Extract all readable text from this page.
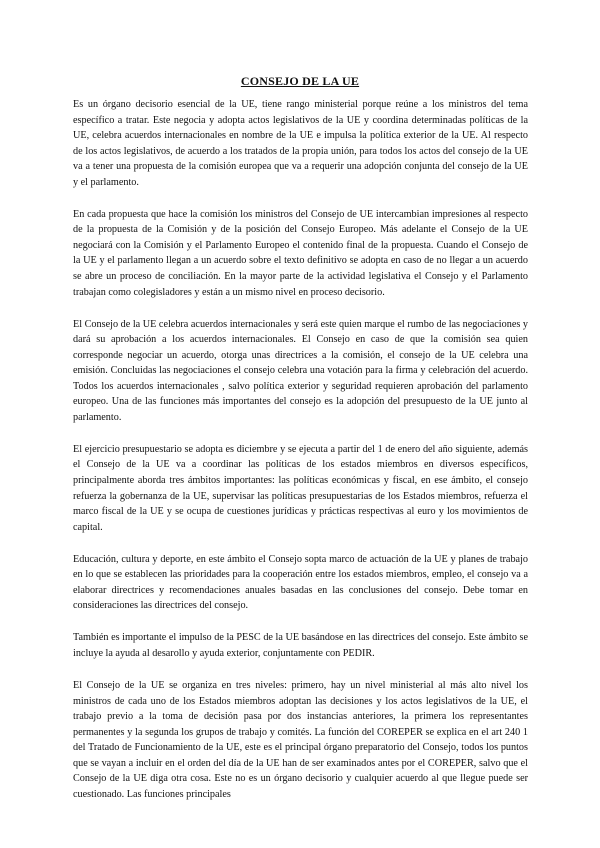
CONSEJO DE LA UE

Es un órgano decisorio esencial de la UE, tiene rango ministerial porque reúne a los ministros del tema específico a tratar. Este negocia y adopta actos legislativos de la UE y coordina determinadas políticas de la UE, celebra acuerdos internacionales en nombre de la UE e impulsa la política exterior de la UE. Al respecto de los actos legislativos, de acuerdo a los tratados de la propia unión, para todos los actos del consejo de la UE va a tener una propuesta de la comisión europea que va a requerir una adopción conjunta del consejo de la UE y el parlamento.

En cada propuesta que hace la comisión los ministros del Consejo de UE intercambian impresiones al respecto de la propuesta de la Comisión y de la posición del Consejo Europeo. Más adelante el Consejo de la UE negociará con la Comisión y el Parlamento Europeo el contenido final de la propuesta. Cuando el Consejo de la UE y el parlamento llegan a un acuerdo sobre el texto definitivo se adopta en caso de no llegar a un acuerdo se abre un proceso de conciliación. En la mayor parte de la actividad legislativa el Consejo y el Parlamento trabajan como colegisladores y están a un mismo nivel en proceso decisorio.

El Consejo de la UE celebra acuerdos internacionales y será este quien marque el rumbo de las negociaciones y dará su aprobación a los acuerdos internacionales. El Consejo en caso de que la comisión sea quien corresponde negociar un acuerdo, otorga unas directrices a la comisión, el consejo de la UE celebra una emisión. Concluidas las negociaciones el consejo celebra una votación para la firma y celebración del acuerdo. Todos los acuerdos internacionales , salvo política exterior y seguridad requieren aprobación del parlamento europeo. Una de las funciones más importantes del consejo es la adopción del presupuesto de la UE junto al parlamento.

El ejercicio presupuestario se adopta es diciembre y se ejecuta a partir del 1 de enero del año siguiente, además el Consejo de la UE va a coordinar las políticas de los estados miembros en diversos específicos, principalmente aborda tres ámbitos importantes: las políticas económicas y fiscal, en ese ámbito, el consejo refuerza la gobernanza de la UE, supervisar las políticas presupuestarias de los Estados miembros, refuerza el marco fiscal de la UE y se ocupa de cuestiones jurídicas y prácticas respectivas al euro y los movimientos de capital.

Educación, cultura y deporte, en este ámbito el Consejo sopta marco de actuación de la UE y planes de trabajo en lo que se establecen las prioridades para la cooperación entre los estados miembros, empleo, el consejo va a elaborar directrices y recomendaciones anuales basadas en las conclusiones del consejo. Debe tomar en consideraciones las directrices del consejo.

También es importante el impulso de la PESC de la UE basándose en las directrices del consejo. Este ámbito se incluye la ayuda al desarollo y ayuda exterior, conjuntamente con PEDIR.

El Consejo de la UE se organiza en tres niveles: primero, hay un nivel ministerial al más alto nivel los ministros de cada uno de los Estados miembros adoptan las decisiones y los actos legislativos de la UE, el trabajo previo a la toma de decisión pasa por dos instancias anteriores, la primera los representantes permanentes y la segunda los grupos de trabajo y comités. La función del COREPER se explica en el art 240 1 del Tratado de Funcionamiento de la UE, este es el principal órgano preparatorio del Consejo, todos los puntos que se vayan a incluir en el orden del día de la UE han de ser examinados antes por el COREPER, salvo que el Consejo de la UE diga otra cosa. Este no es un órgano decisorio y cualquier acuerdo al que llegue puede ser cuestionado. Las funciones principales
